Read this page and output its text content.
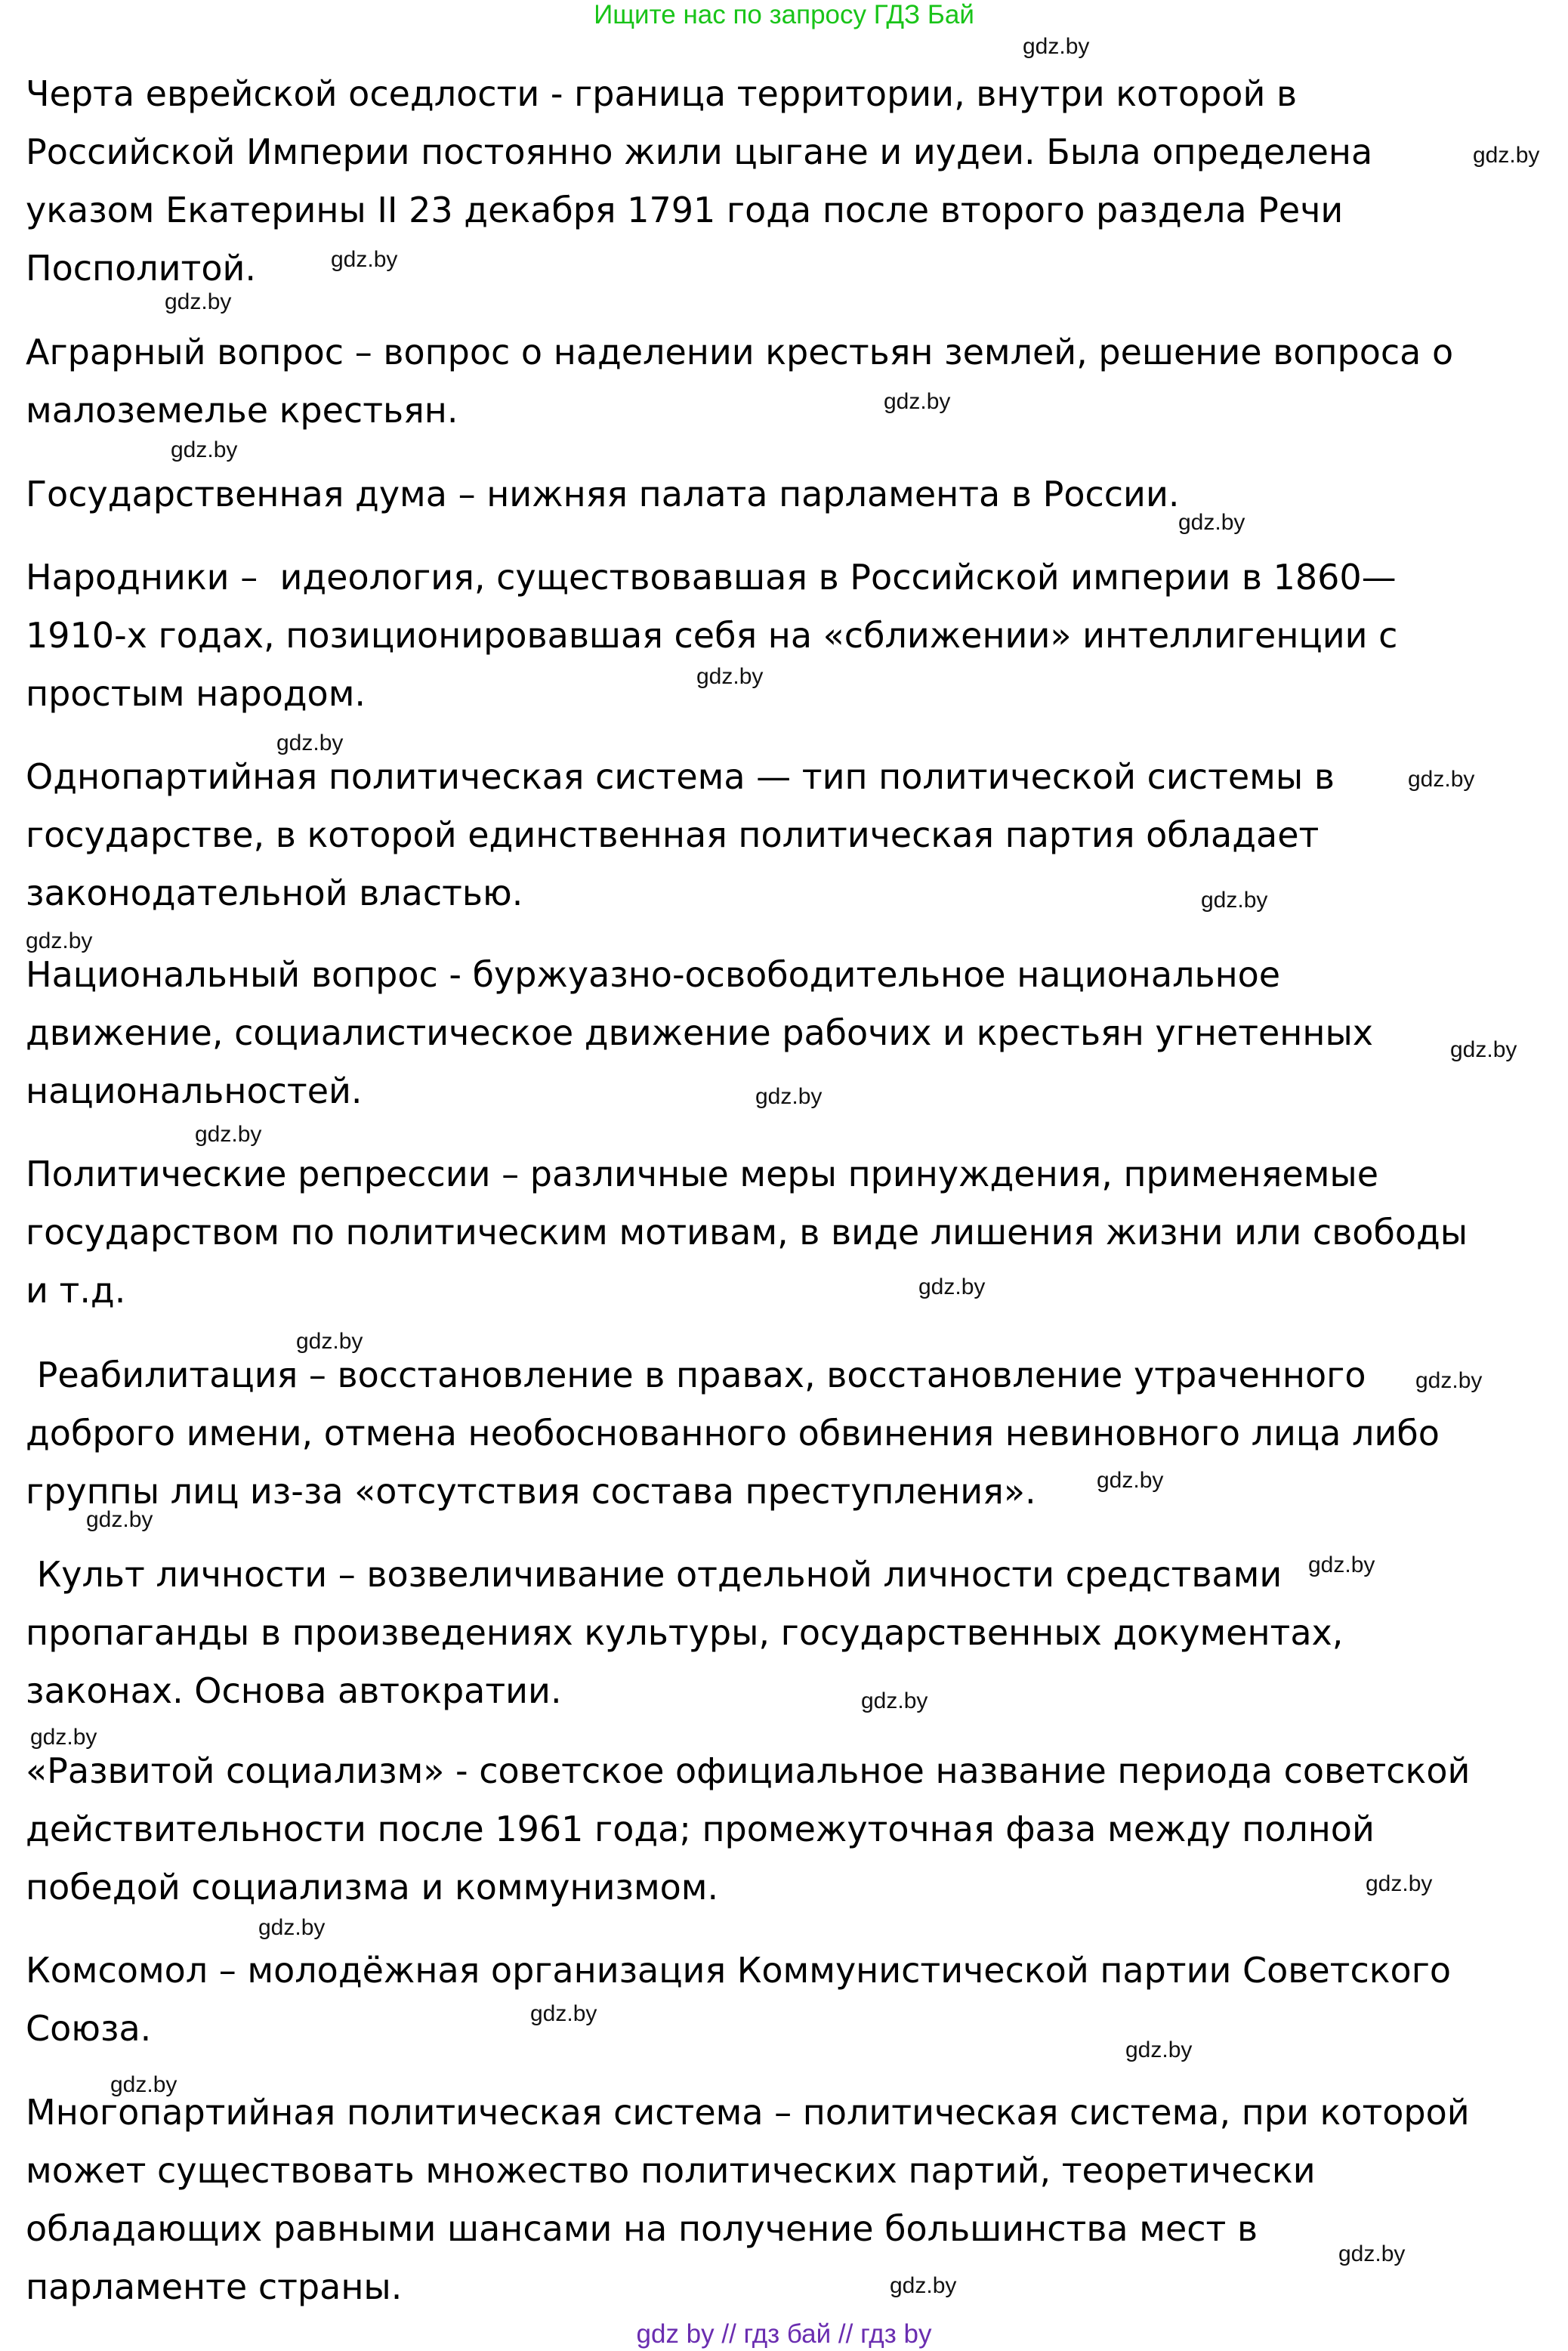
Ищите нас по запросу ГДЗ Бай

Черта еврейской оседлости - граница территории, внутри которой в
Российской Империи постоянно жили цыгане и иудеи. Была определена
указом Екатерины II 23 декабря 1791 года после второго раздела Речи
Посполитой.

Аграрный вопрос – вопрос о наделении крестьян землей, решение вопроса о
малоземелье крестьян.

Государственная дума – нижняя палата парламента в России.

Народники –  идеология, существовавшая в Российской империи в 1860—
1910-х годах, позиционировавшая себя на «сближении» интеллигенции с
простым народом.

Однопартийная политическая система — тип политической системы в
государстве, в которой единственная политическая партия обладает
законодательной властью.

Национальный вопрос - буржуазно-освободительное национальное
движение, социалистическое движение рабочих и крестьян угнетенных
национальностей.

Политические репрессии – различные меры принуждения, применяемые
государством по политическим мотивам, в виде лишения жизни или свободы
и т.д.

Реабилитация – восстановление в правах, восстановление утраченного
доброго имени, отмена необоснованного обвинения невиновного лица либо
группы лиц из-за «отсутствия состава преступления».

Культ личности – возвеличивание отдельной личности средствами
пропаганды в произведениях культуры, государственных документах,
законах. Основа автократии.

«Развитой социализм» - советское официальное название периода советской
действительности после 1961 года; промежуточная фаза между полной
победой социализма и коммунизмом.

Комсомол – молодёжная организация Коммунистической партии Советского
Союза.

Многопартийная политическая система – политическая система, при которой
может существовать множество политических партий, теоретически
обладающих равными шансами на получение большинства мест в
парламенте страны.

gdz.by
gdz.by
gdz.by
gdz.by
gdz.by
gdz.by
gdz.by
gdz.by
gdz.by
gdz.by
gdz.by
gdz.by
gdz.by
gdz.by
gdz.by
gdz.by
gdz.by
gdz.by
gdz.by
gdz.by
gdz.by
gdz.by
gdz.by
gdz.by
gdz.by
gdz.by
gdz.by
gdz.by
gdz.by
gdz.by
gdz by // гдз бай // гдз by
